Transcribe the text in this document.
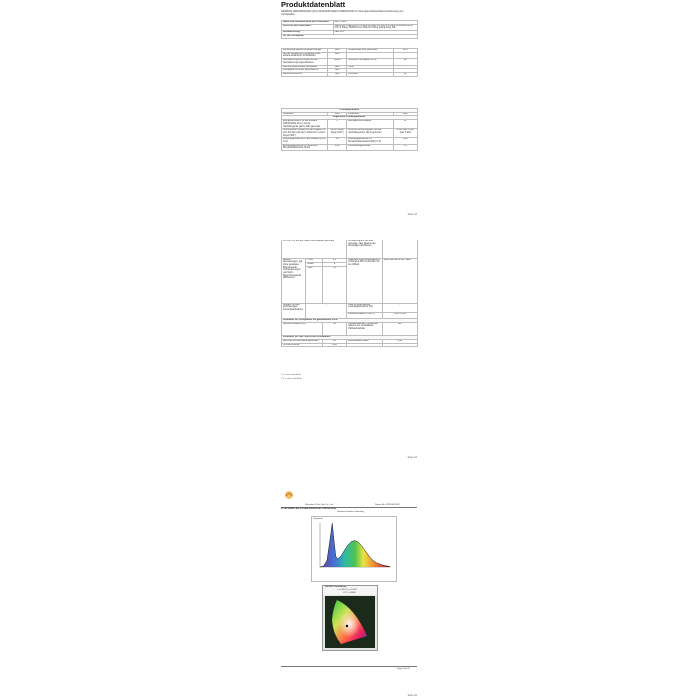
Produktdatenblatt
GEMÄSS VERORDNUNG (EU) 2019/2015 DER KOMMISSION zur Energieverbrauchskennzeichnung von Lichtquellen
Name oder Handelsmarke des Lieferanten:	MATTHIAS
Anschrift des Lieferanten:	Wang Wei, Xuan Ke Ju Yu gong ye yuan Jin teng fu hi yang ya Dunkou an ju, Chu Ji Xiang, 518000 shen zhen shi China guang dong, DE
Modellkennung:	LED-101
Art der Lichtquelle:	
Verwendete Beleuchtungstechnologie:	LED	Ungebündelt oder gebündelt:	DLS
Art des Sockels der Lichtquelle (oder andere elektrische Schnittstelle)	LED		
Netzspannung/Nicht direkt an das Netzspannung angeschlossen	MNLS	Vernetzte Lichtquelle (CLS):	Ja
Farblich abstimmbare Lichtquelle:	Nein	Hülle:	-
Lichtquelle mit hoher Leuchtdichte:	Nein		
Blendschutzschild:	Nein	Dimmbar:	Ja
Produktparameter			
Parameter	Wert	Parameter	Wert
Allgemeine Produktparameter:			
Energieverbrauch im Ein-Zustand (kWh/1000h) (Pon), auf die nächstliegende ganze Zahl gerundet	3	Energieeffizienzklasse:	E
Nutzlichtstrom (Φuse) mit der Angabe, ob sich der Wert auf den Lichtstrom in einem Kegel (360°)	250 in breiter Kegel (120°)	ähnliche Farbtemperatur, auf die nächstliegenden 100 K gerundet	2 800 oder 4 000 oder 6 000
Leistungsaufnahme im Ein-Zustand (Pon) in W	3.0	Leistungsaufnahme im Bereitschaftszustand (Psb) in W	0,80
Leistungsaufnahme im vernetzten Bereitschaftsbetrieb (Pnet)	0,80	Farbwiedergabeindex	15
Seite 1/4
für CIS in W auf die zweite Dezimalstelle gerundet			Lichtaufbegrenz auf Zahl gerundet, oder Spanne der einstelligen Glühbirnen	
Äußere Abmessungen, ggf. ohne separates Betriebsgerät, Lichtsteuerungen und Nicht-Beleuchtungsteile (Millimeter)	Höhe	21	Spektrale Strahlungsverteilung im Bereich 250 nm bis 800 nm bei Volllast	Siehe Bild auf letzter Seite
	Breite	9		
	Tiefe	35		
Angabe zu einer gleichwertigen Leistungsaufnahme	-		Falls ja, gleichwertige Leistungsaufnahme (W)	-
			Farbkoordinaten (x und y)	0,315 0,346
Parameter für Lichtquellen mit gebündeltem Licht:				
Spitzenlichtstärke (cd)		96	Halbwertswinkel in Grad oder Spanne der einstellbaren Halbwertswinkel	120
Parameter für LED- und OLED-Lichtquellen:				
Wert des R9-Farbwiedergabeindex		20	Lebensdauer-Faktor	0,95
Lichtstromerhalt		0,96		
(*) = nicht zutreffend
(**) = nicht zutreffend
Seite 2/4
Shenzhen Xi Bei Test Co., Ltd.	Report No.: ZWXJ0220027
ATTACHMENT BIS (STRAHLUNGSLEVEL VERTEILUNG)
Spektrum Relative Verteilung
Diagramm
CIE1931 Chromaticity
x = 0.3167 y = 0.3257
CCT = 6998K
Page 54 of 55
Seite 4/4
